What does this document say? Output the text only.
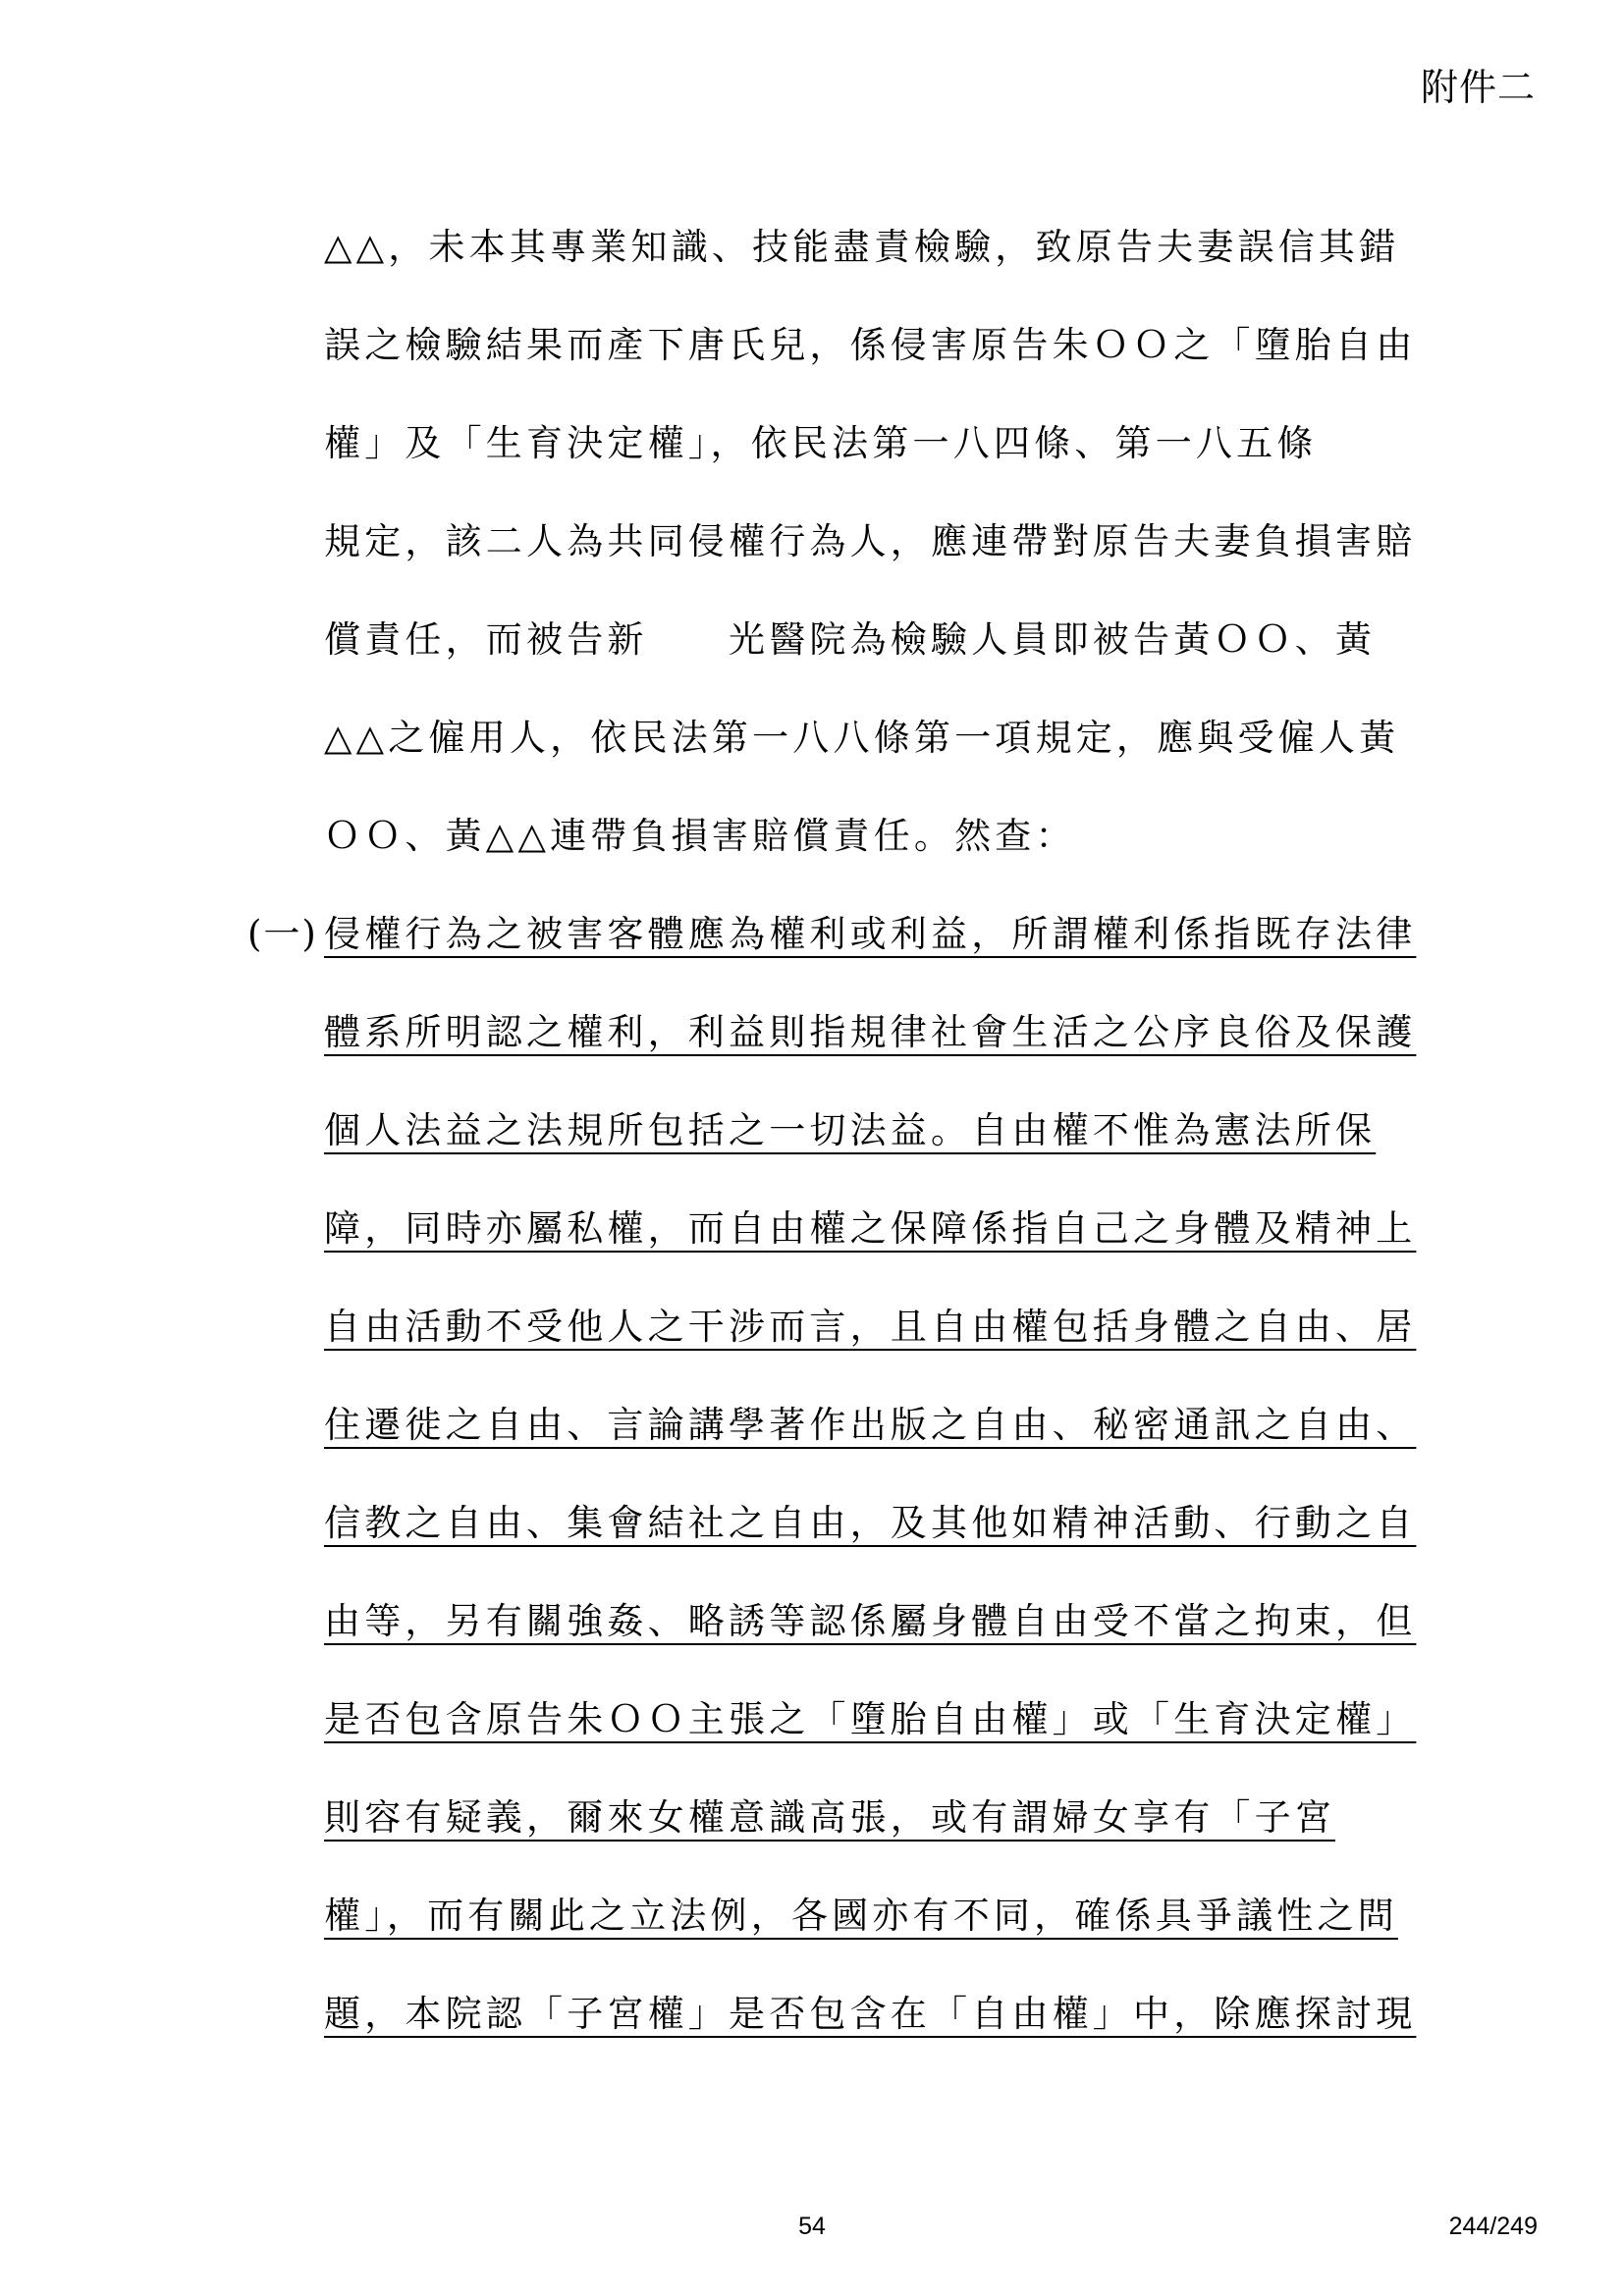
附件二
△△，未本其專業知識、技能盡責檢驗，致原告夫妻誤信其錯
誤之檢驗結果而產下唐氏兒，係侵害原告朱ＯＯ之「墮胎自由
權」及「生育決定權」，依民法第一八四條、第一八五條
規定，該二人為共同侵權行為人，應連帶對原告夫妻負損害賠
償責任，而被告新　　光醫院為檢驗人員即被告黃ＯＯ、黃
△△之僱用人，依民法第一八八條第一項規定，應與受僱人黃
ＯＯ、黃△△連帶負損害賠償責任。然查：
(一) 侵權行為之被害客體應為權利或利益，所謂權利係指既存法律
體系所明認之權利，利益則指規律社會生活之公序良俗及保護
個人法益之法規所包括之一切法益。自由權不惟為憲法所保
障，同時亦屬私權，而自由權之保障係指自己之身體及精神上
自由活動不受他人之干涉而言，且自由權包括身體之自由、居
住遷徙之自由、言論講學著作出版之自由、秘密通訊之自由、
信教之自由、集會結社之自由，及其他如精神活動、行動之自
由等，另有關強姦、略誘等認係屬身體自由受不當之拘束，但
是否包含原告朱ＯＯ主張之「墮胎自由權」或「生育決定權」
則容有疑義，爾來女權意識高張，或有謂婦女享有「子宮
權」，而有關此之立法例，各國亦有不同，確係具爭議性之問
題，本院認「子宮權」是否包含在「自由權」中，除應探討現
54	244/249
